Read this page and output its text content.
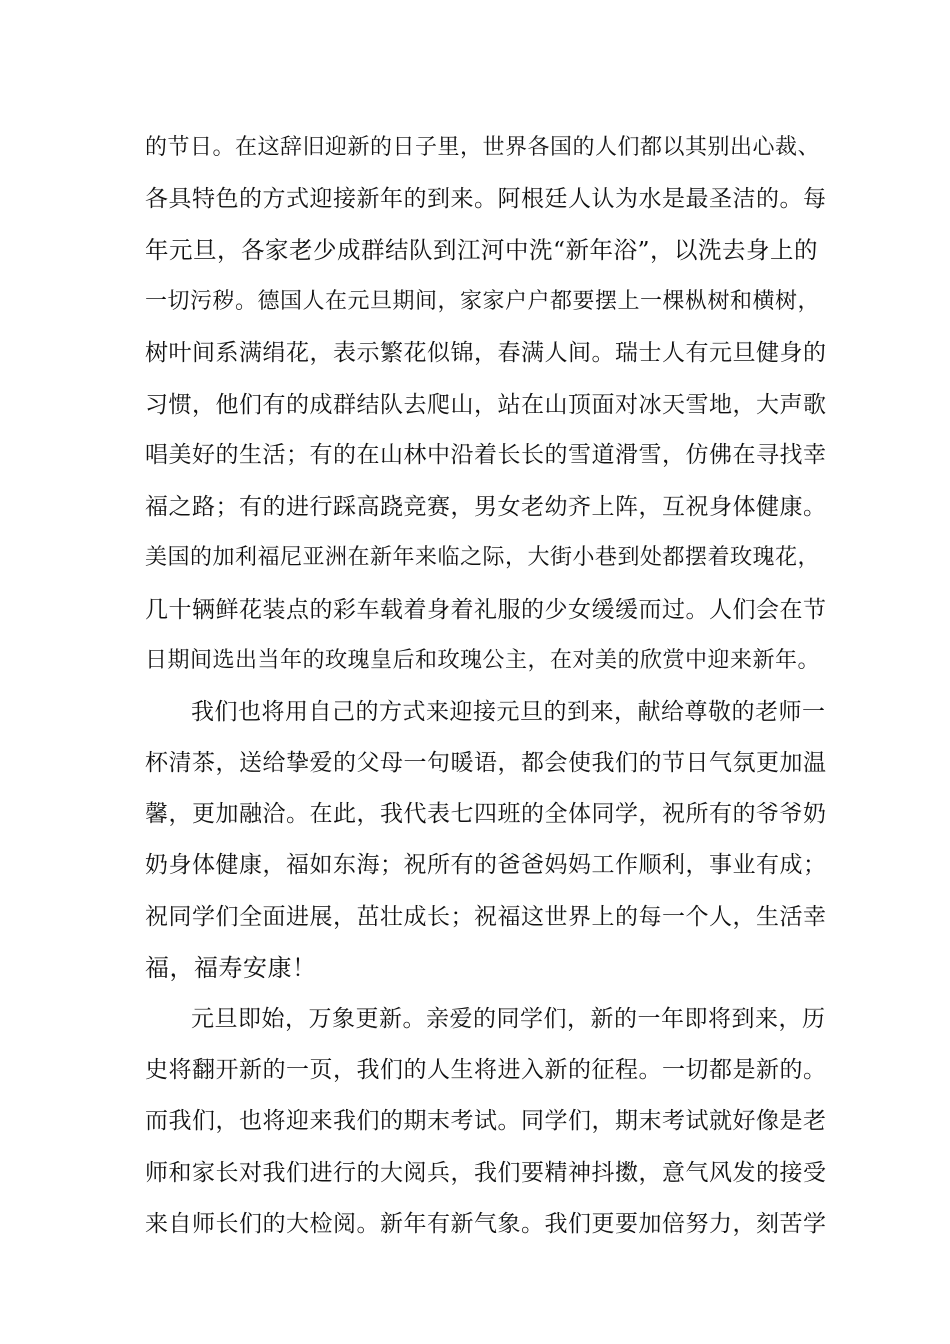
的节日。在这辞旧迎新的日子里，世界各国的人们都以其别出心裁、
各具特色的方式迎接新年的到来。阿根廷人认为水是最圣洁的。每
年元旦，各家老少成群结队到江河中洗“新年浴”，以洗去身上的
一切污秽。德国人在元旦期间，家家户户都要摆上一棵枞树和横树，
树叶间系满绢花，表示繁花似锦，春满人间。瑞士人有元旦健身的
习惯，他们有的成群结队去爬山，站在山顶面对冰天雪地，大声歌
唱美好的生活；有的在山林中沿着长长的雪道滑雪，仿佛在寻找幸
福之路；有的进行踩高跷竞赛，男女老幼齐上阵，互祝身体健康。
美国的加利福尼亚洲在新年来临之际，大街小巷到处都摆着玫瑰花，
几十辆鲜花装点的彩车载着身着礼服的少女缓缓而过。人们会在节
日期间选出当年的玫瑰皇后和玫瑰公主，在对美的欣赏中迎来新年。
我们也将用自己的方式来迎接元旦的到来，献给尊敬的老师一
杯清茶，送给挚爱的父母一句暖语，都会使我们的节日气氛更加温
馨，更加融洽。在此，我代表七四班的全体同学，祝所有的爷爷奶
奶身体健康，福如东海；祝所有的爸爸妈妈工作顺利，事业有成；
祝同学们全面进展，茁壮成长；祝福这世界上的每一个人，生活幸
福，福寿安康！
元旦即始，万象更新。亲爱的同学们，新的一年即将到来，历
史将翻开新的一页，我们的人生将进入新的征程。一切都是新的。
而我们，也将迎来我们的期末考试。同学们，期末考试就好像是老
师和家长对我们进行的大阅兵，我们要精神抖擞，意气风发的接受
来自师长们的大检阅。新年有新气象。我们更要加倍努力，刻苦学
